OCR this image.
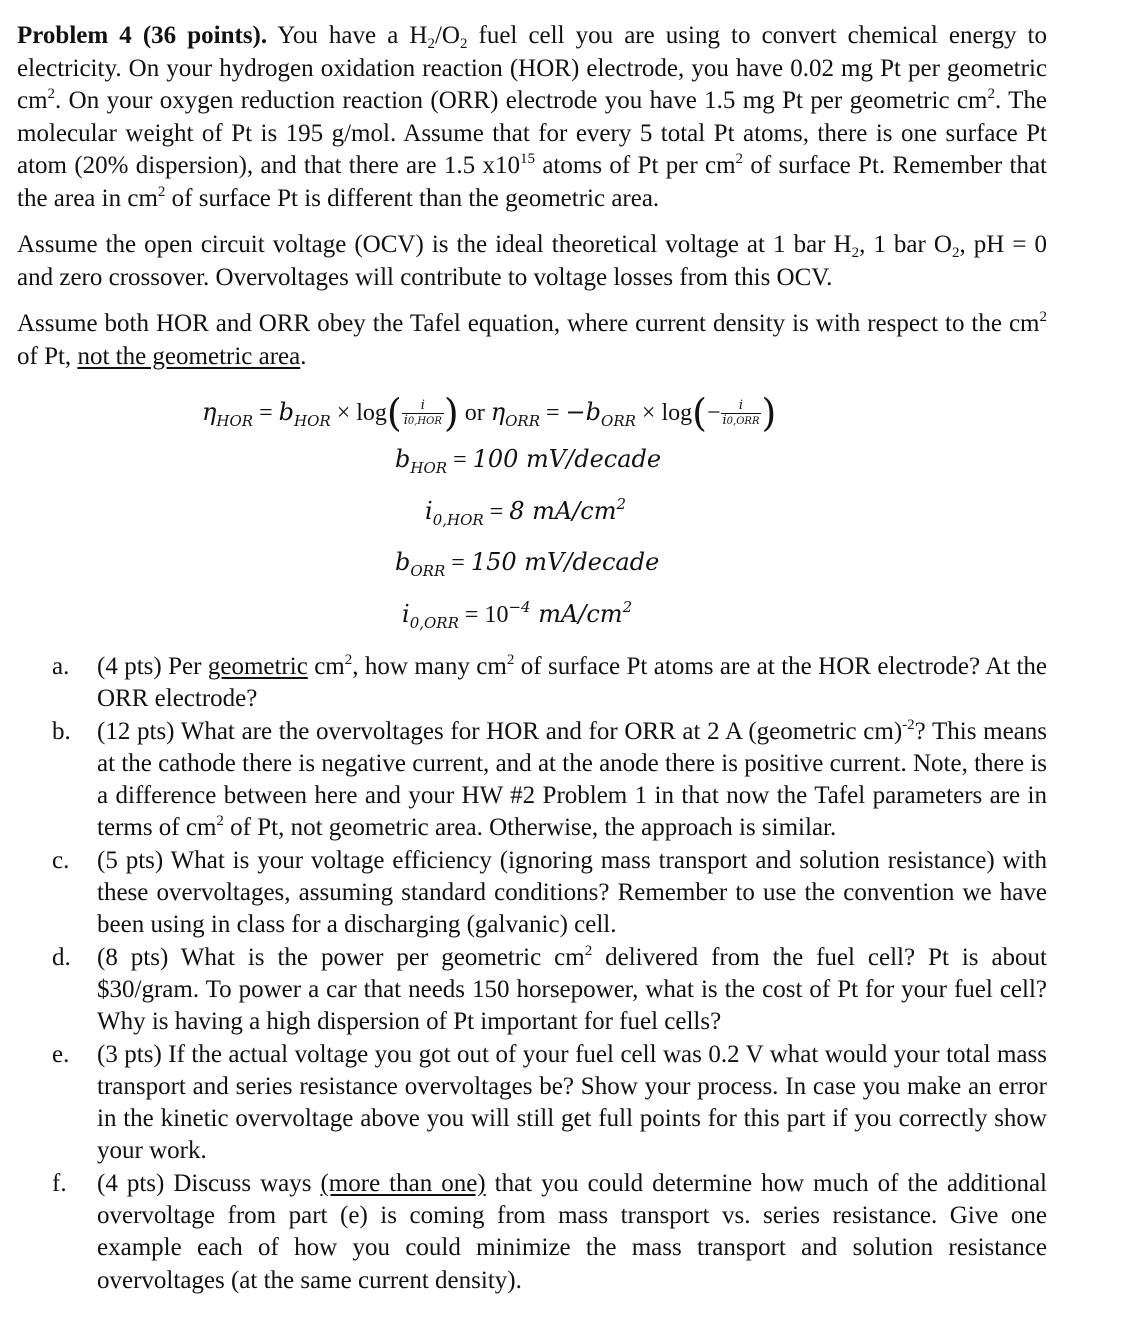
Problem 4 (36 points). You have a $H_2/O_2$ fuel cell you are using to convert chemical energy to electricity. On your hydrogen oxidation reaction (HOR) electrode, you have 0.02 mg Pt per geometric $cm^2$. On your oxygen reduction reaction (ORR) electrode you have 1.5 mg Pt per geometric $cm^2$. The molecular weight of Pt is 195 g/mol. Assume that for every 5 total Pt atoms, there is one surface Pt atom (20% dispersion), and that there are 1.5 $x10^{15}$ atoms of Pt per $cm^2$ of surface Pt. Remember that the area in $cm^2$ of surface Pt is different than the geometric area.

Assume the open circuit voltage (OCV) is the ideal theoretical voltage at 1 bar $H_2$, 1 bar $O_2$, pH = 0 and zero crossover. Overvoltages will contribute to voltage losses from this OCV.

Assume both HOR and ORR obey the Tafel equation, where current density is with respect to the $cm^2$ of Pt, not the geometric area.

$\eta_{HOR} = b_{HOR} \times \log( \frac{i}{\text{i0,HOR}}$ ) or $\eta_{ORR} = -b_{ORR} \times \log(- \frac{i}{\text{i0,ORR}}$ )
$b_{HOR} = 100$ mV/decade
$i_{0,HOR} = 8$ $mA/cm^2$
$b_{ORR} = 150$ mV/decade
$i_{0,ORR} = 10^{-4}$ $mA/cm^2$

a. (4 pts) Per geometric $cm^2$, how many $cm^2$ of surface Pt atoms are at the HOR electrode? At the ORR electrode?

b. (12 pts) What are the overvoltages for HOR and for ORR at 2 A (geometric cm)$^{-2}$? This means at the cathode there is negative current, and at the anode there is positive current. Note, there is a difference between here and your HW #2 Problem 1 in that now the Tafel parameters are in terms of $cm^2$ of Pt, not geometric area. Otherwise, the approach is similar.

c. (5 pts) What is your voltage efficiency (ignoring mass transport and solution resistance) with these overvoltages, assuming standard conditions? Remember to use the convention we have been using in class for a discharging (galvanic) cell.

d. (8 pts) What is the power per geometric $cm^2$ delivered from the fuel cell? Pt is about $30/gram. To power a car that needs 150 horsepower, what is the cost of Pt for your fuel cell? Why is having a high dispersion of Pt important for fuel cells?

e. (3 pts) If the actual voltage you got out of your fuel cell was 0.2 V what would your total mass transport and series resistance overvoltages be? Show your process. In case you make an error in the kinetic overvoltage above you will still get full points for this part if you correctly show your work.

f. (4 pts) Discuss ways (more than one) that you could determine how much of the additional overvoltage from part (e) is coming from mass transport vs. series resistance. Give one example each of how you could minimize the mass transport and solution resistance overvoltages (at the same current density).
